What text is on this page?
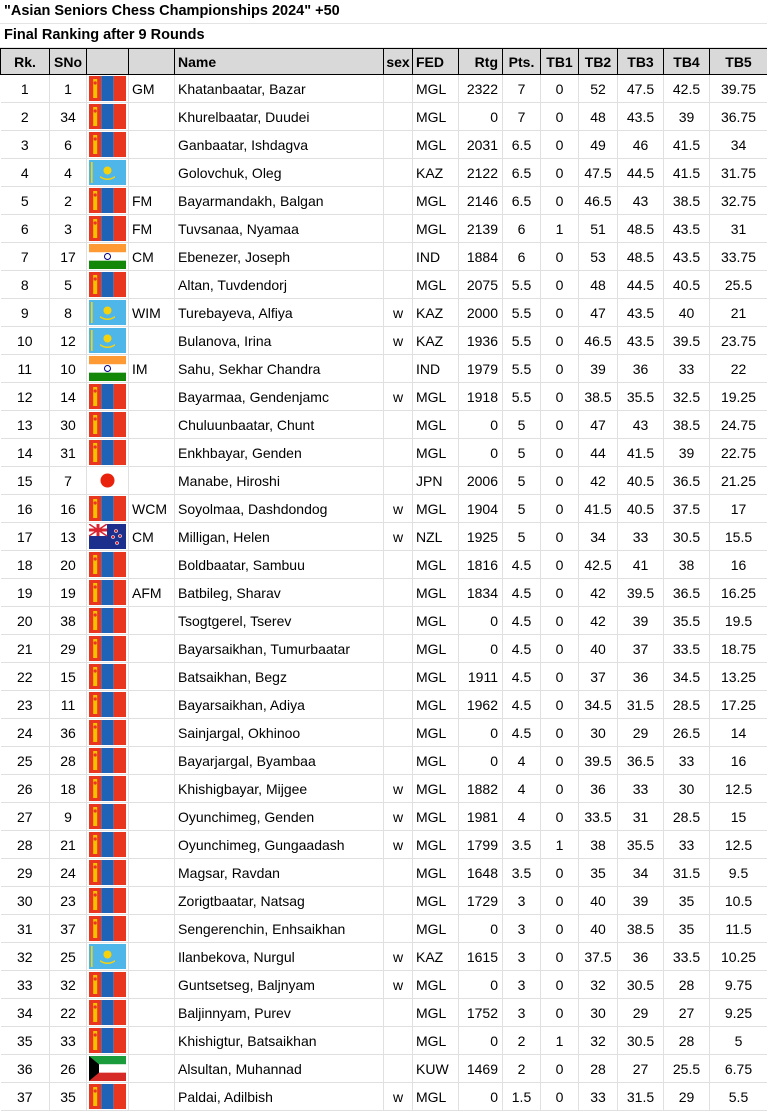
"Asian Seniors Chess Championships 2024" +50
Final Ranking after 9 Rounds
Rk.	SNo			Name	sex	FED	Rtg	Pts.	TB1	TB2	TB3	TB4	TB5
1	1		GM	Khatanbaatar, Bazar		MGL	2322	7	0	52	47.5	42.5	39.75
2	34			Khurelbaatar, Duudei		MGL	0	7	0	48	43.5	39	36.75
3	6			Ganbaatar, Ishdagva		MGL	2031	6.5	0	49	46	41.5	34
4	4			Golovchuk, Oleg		KAZ	2122	6.5	0	47.5	44.5	41.5	31.75
5	2		FM	Bayarmandakh, Balgan		MGL	2146	6.5	0	46.5	43	38.5	32.75
6	3		FM	Tuvsanaa, Nyamaa		MGL	2139	6	1	51	48.5	43.5	31
7	17		CM	Ebenezer, Joseph		IND	1884	6	0	53	48.5	43.5	33.75
8	5			Altan, Tuvdendorj		MGL	2075	5.5	0	48	44.5	40.5	25.5
9	8		WIM	Turebayeva, Alfiya	w	KAZ	2000	5.5	0	47	43.5	40	21
10	12			Bulanova, Irina	w	KAZ	1936	5.5	0	46.5	43.5	39.5	23.75
11	10		IM	Sahu, Sekhar Chandra		IND	1979	5.5	0	39	36	33	22
12	14			Bayarmaa, Gendenjamc	w	MGL	1918	5.5	0	38.5	35.5	32.5	19.25
13	30			Chuluunbaatar, Chunt		MGL	0	5	0	47	43	38.5	24.75
14	31			Enkhbayar, Genden		MGL	0	5	0	44	41.5	39	22.75
15	7			Manabe, Hiroshi		JPN	2006	5	0	42	40.5	36.5	21.25
16	16		WCM	Soyolmaa, Dashdondog	w	MGL	1904	5	0	41.5	40.5	37.5	17
17	13		CM	Milligan, Helen	w	NZL	1925	5	0	34	33	30.5	15.5
18	20			Boldbaatar, Sambuu		MGL	1816	4.5	0	42.5	41	38	16
19	19		AFM	Batbileg, Sharav		MGL	1834	4.5	0	42	39.5	36.5	16.25
20	38			Tsogtgerel, Tserev		MGL	0	4.5	0	42	39	35.5	19.5
21	29			Bayarsaikhan, Tumurbaatar		MGL	0	4.5	0	40	37	33.5	18.75
22	15			Batsaikhan, Begz		MGL	1911	4.5	0	37	36	34.5	13.25
23	11			Bayarsaikhan, Adiya		MGL	1962	4.5	0	34.5	31.5	28.5	17.25
24	36			Sainjargal, Okhinoo		MGL	0	4.5	0	30	29	26.5	14
25	28			Bayarjargal, Byambaa		MGL	0	4	0	39.5	36.5	33	16
26	18			Khishigbayar, Mijgee	w	MGL	1882	4	0	36	33	30	12.5
27	9			Oyunchimeg, Genden	w	MGL	1981	4	0	33.5	31	28.5	15
28	21			Oyunchimeg, Gungaadash	w	MGL	1799	3.5	1	38	35.5	33	12.5
29	24			Magsar, Ravdan		MGL	1648	3.5	0	35	34	31.5	9.5
30	23			Zorigtbaatar, Natsag		MGL	1729	3	0	40	39	35	10.5
31	37			Sengerenchin, Enhsaikhan		MGL	0	3	0	40	38.5	35	11.5
32	25			Ilanbekova, Nurgul	w	KAZ	1615	3	0	37.5	36	33.5	10.25
33	32			Guntsetseg, Baljnyam	w	MGL	0	3	0	32	30.5	28	9.75
34	22			Baljinnyam, Purev		MGL	1752	3	0	30	29	27	9.25
35	33			Khishigtur, Batsaikhan		MGL	0	2	1	32	30.5	28	5
36	26			Alsultan, Muhannad		KUW	1469	2	0	28	27	25.5	6.75
37	35			Paldai, Adilbish	w	MGL	0	1.5	0	33	31.5	29	5.5
